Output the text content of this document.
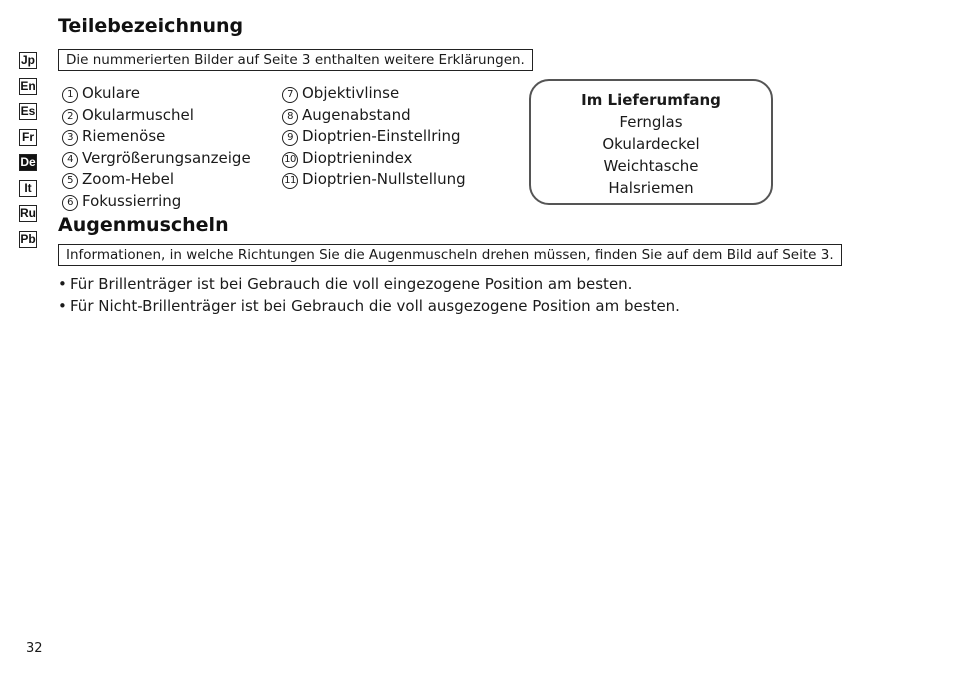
Jp
En
Es
Fr
De
It
Ru
Pb
Teilebezeichnung
Die nummerierten Bilder auf Seite 3 enthalten weitere Erklärungen.
1 Okulare
2 Okularmuschel
3 Riemenöse
4 Vergrößerungsanzeige
5 Zoom-Hebel
6 Fokussierring
7 Objektivlinse
8 Augenabstand
9 Dioptrien-Einstellring
10 Dioptrienindex
11 Dioptrien-Nullstellung
Im Lieferumfang
Fernglas
Okulardeckel
Weichtasche
Halsriemen
Augenmuscheln
Informationen, in welche Richtungen Sie die Augenmuscheln drehen müssen, finden Sie auf dem Bild auf Seite 3.
• Für Brillenträger ist bei Gebrauch die voll eingezogene Position am besten.
• Für Nicht-Brillenträger ist bei Gebrauch die voll ausgezogene Position am besten.
32
